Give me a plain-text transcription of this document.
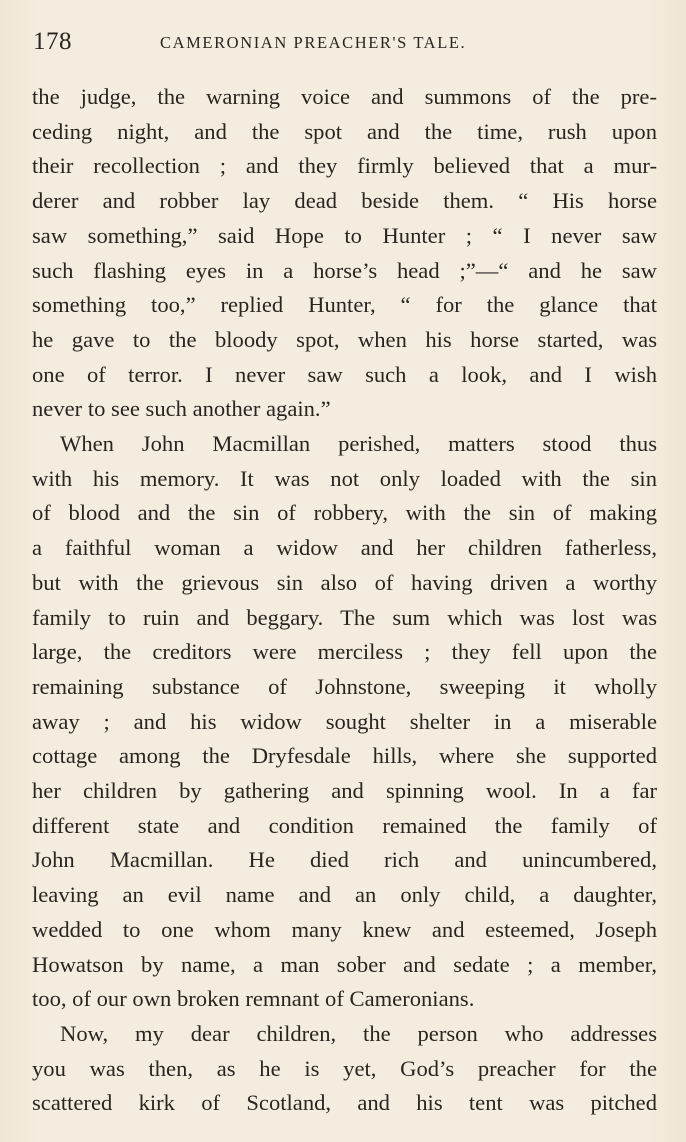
178	CAMERONIAN PREACHER'S TALE.

the judge, the warning voice and summons of the pre-
ceding night, and the spot and the time, rush upon
their recollection ; and they firmly believed that a mur-
derer and robber lay dead beside them. “ His horse
saw something,” said Hope to Hunter ; “ I never saw
such flashing eyes in a horse’s head ;”—“ and he saw
something too,” replied Hunter, “ for the glance that
he gave to the bloody spot, when his horse started, was
one of terror. I never saw such a look, and I wish
never to see such another again.”

When John Macmillan perished, matters stood thus
with his memory. It was not only loaded with the sin
of blood and the sin of robbery, with the sin of making
a faithful woman a widow and her children fatherless,
but with the grievous sin also of having driven a worthy
family to ruin and beggary. The sum which was lost was
large, the creditors were merciless ; they fell upon the
remaining substance of Johnstone, sweeping it wholly
away ; and his widow sought shelter in a miserable
cottage among the Dryfesdale hills, where she supported
her children by gathering and spinning wool. In a far
different state and condition remained the family of
John Macmillan. He died rich and unincumbered,
leaving an evil name and an only child, a daughter,
wedded to one whom many knew and esteemed, Joseph
Howatson by name, a man sober and sedate ; a member,
too, of our own broken remnant of Cameronians.

Now, my dear children, the person who addresses
you was then, as he is yet, God’s preacher for the
scattered kirk of Scotland, and his tent was pitched
